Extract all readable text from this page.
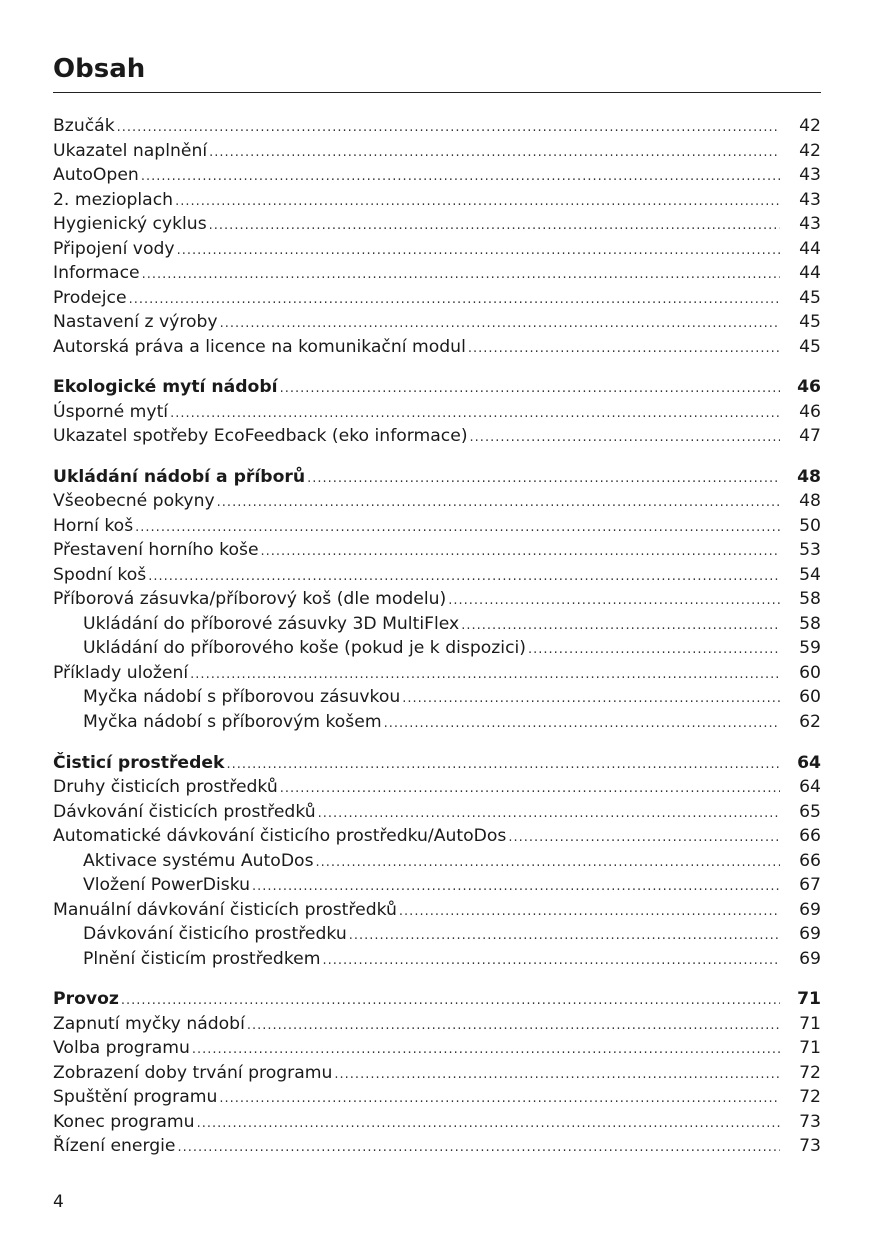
Obsah
Bzučák .....	42
Ukazatel naplnění .....	42
AutoOpen .....	43
2. mezioplach .....	43
Hygienický cyklus .....	43
Připojení vody .....	44
Informace .....	44
Prodejce .....	45
Nastavení z výroby .....	45
Autorská práva a licence na komunikační modul .....	45
Ekologické mytí nádobí .....	46
Úsporné mytí .....	46
Ukazatel spotřeby EcoFeedback (eko informace) .....	47
Ukládání nádobí a příborů .....	48
Všeobecné pokyny .....	48
Horní koš .....	50
Přestavení horního koše .....	53
Spodní koš .....	54
Příborová zásuvka/příborový koš (dle modelu) .....	58
Ukládání do příborové zásuvky 3D MultiFlex .....	58
Ukládání do příborového koše (pokud je k dispozici) .....	59
Příklady uložení .....	60
Myčka nádobí s příborovou zásuvkou .....	60
Myčka nádobí s příborovým košem .....	62
Čisticí prostředek .....	64
Druhy čisticích prostředků .....	64
Dávkování čisticích prostředků .....	65
Automatické dávkování čisticího prostředku/AutoDos .....	66
Aktivace systému AutoDos .....	66
Vložení PowerDisku .....	67
Manuální dávkování čisticích prostředků .....	69
Dávkování čisticího prostředku .....	69
Plnění čisticím prostředkem .....	69
Provoz .....	71
Zapnutí myčky nádobí .....	71
Volba programu .....	71
Zobrazení doby trvání programu .....	72
Spuštění programu .....	72
Konec programu .....	73
Řízení energie .....	73
4
